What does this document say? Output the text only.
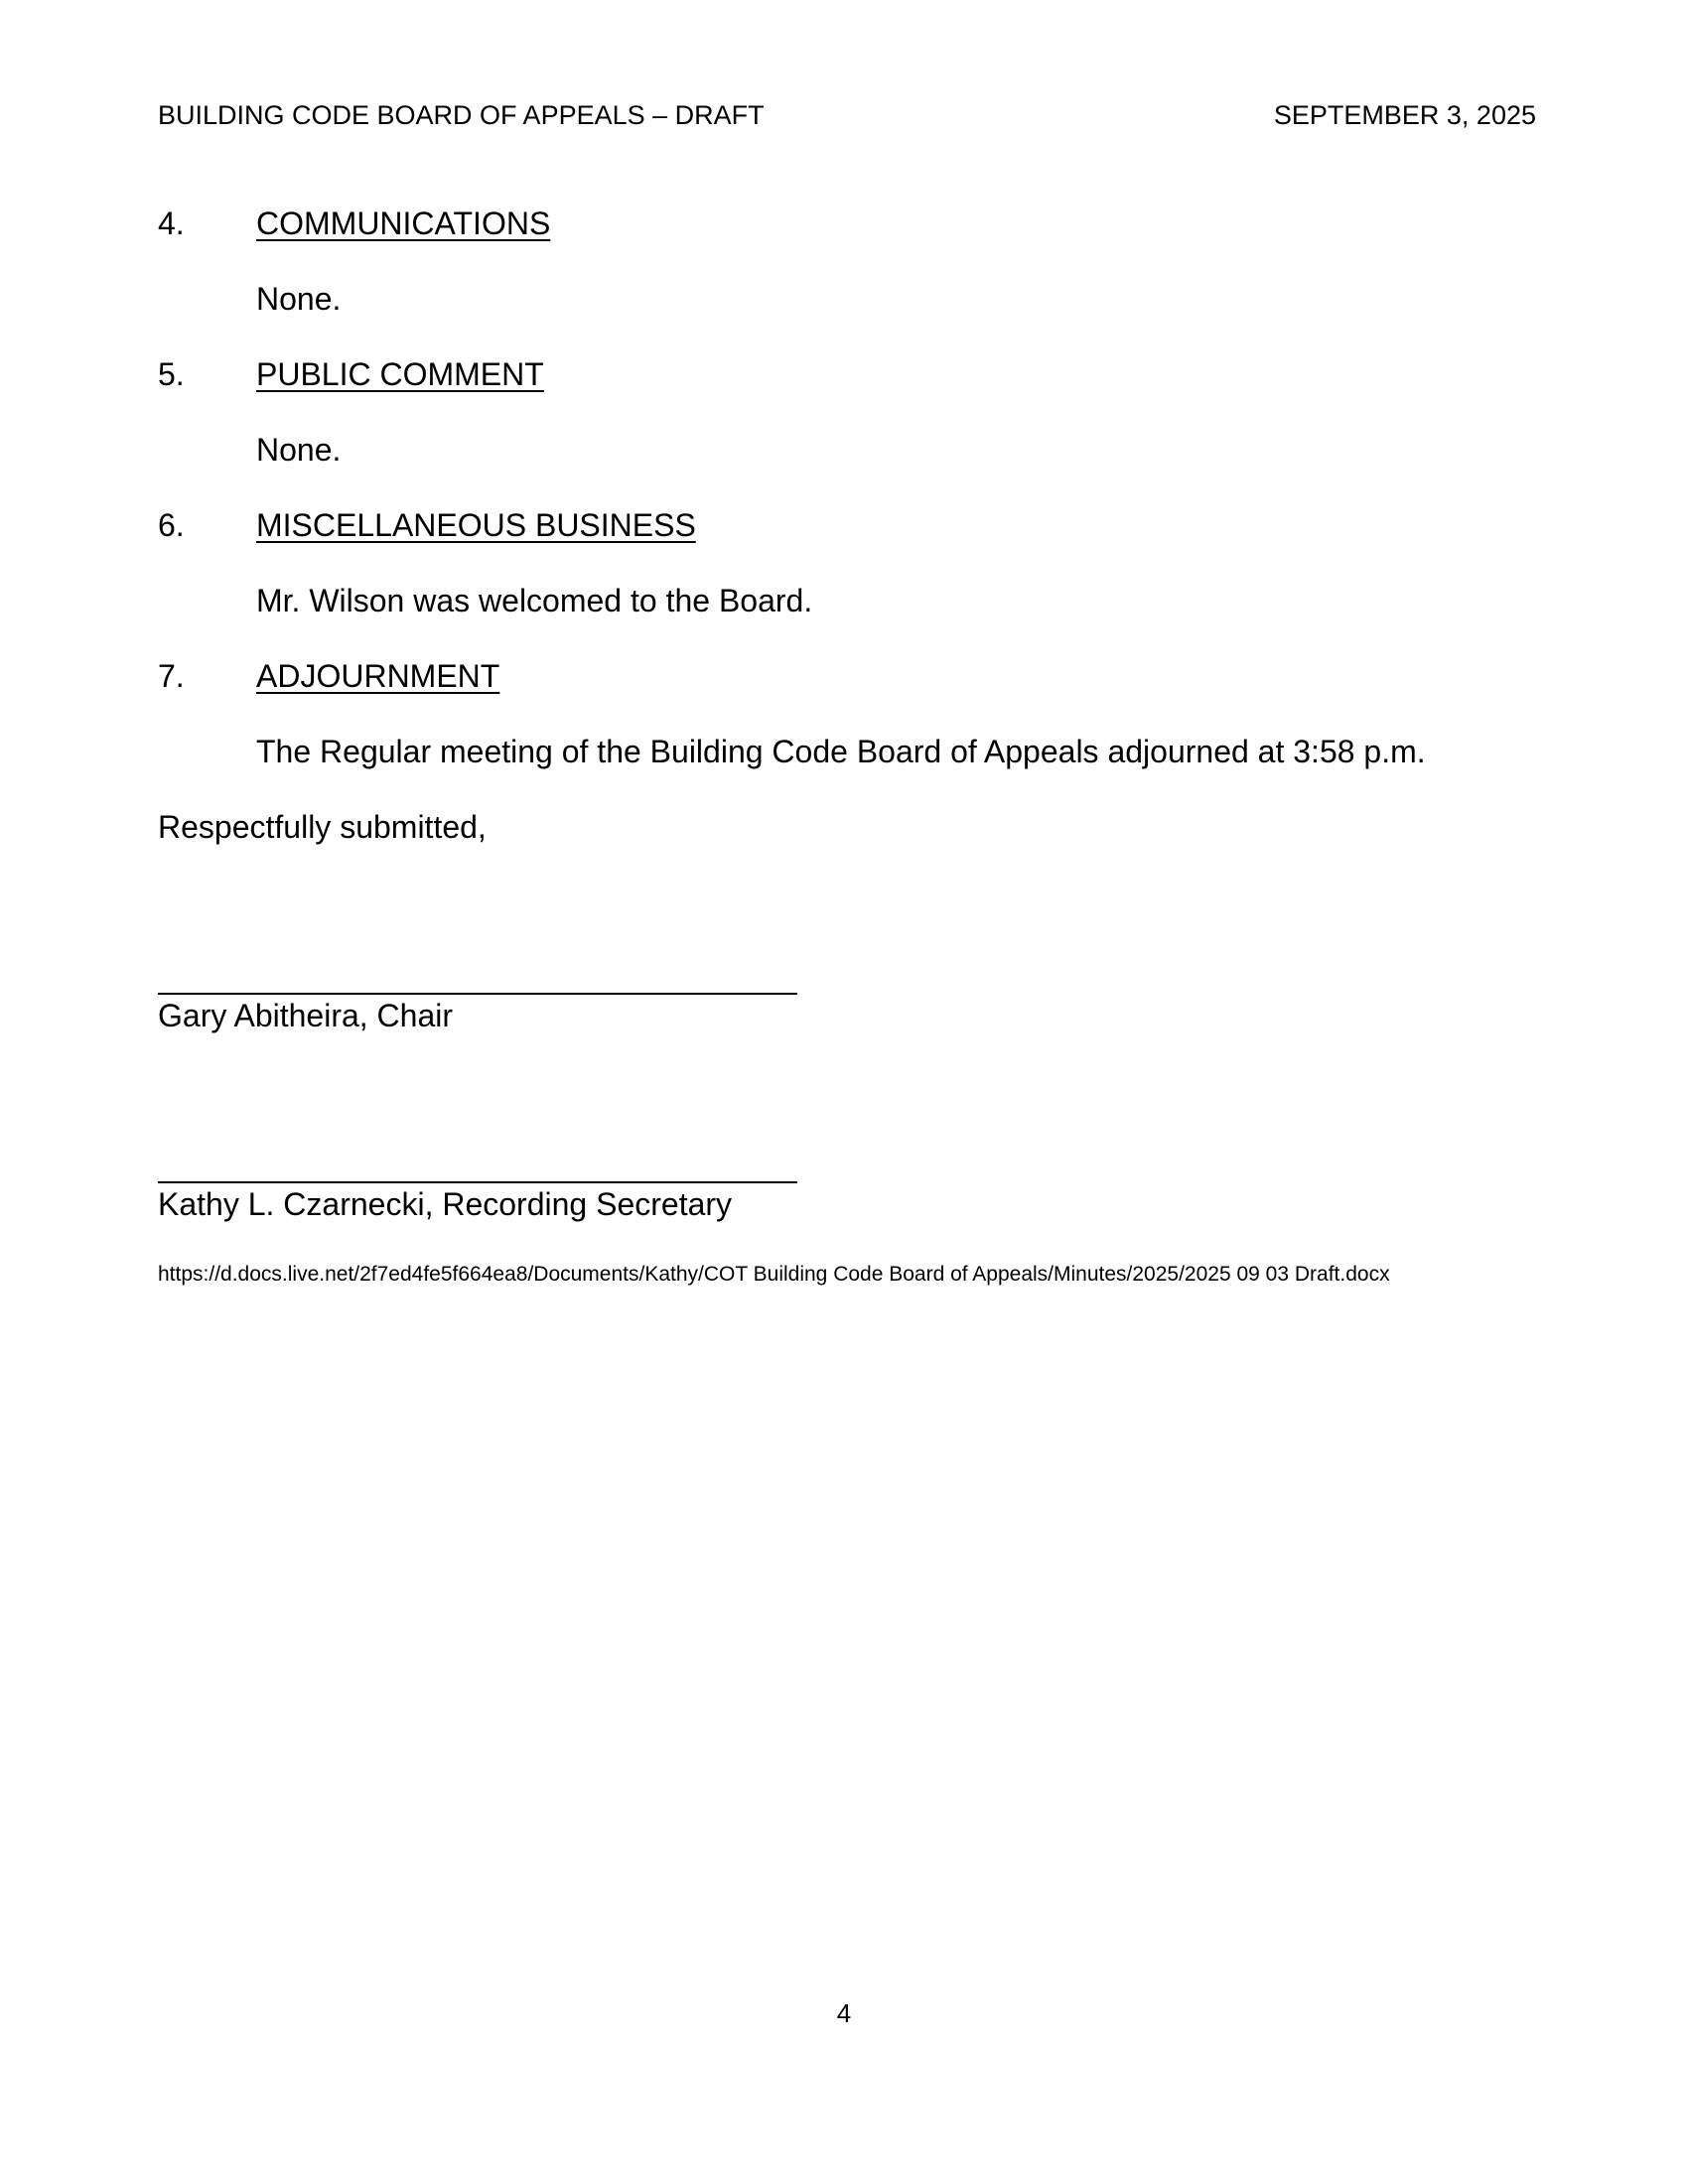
BUILDING CODE BOARD OF APPEALS – DRAFT	SEPTEMBER 3, 2025
4. COMMUNICATIONS
None.
5. PUBLIC COMMENT
None.
6. MISCELLANEOUS BUSINESS
Mr. Wilson was welcomed to the Board.
7. ADJOURNMENT
The Regular meeting of the Building Code Board of Appeals adjourned at 3:58 p.m.
Respectfully submitted,
Gary Abitheira, Chair
Kathy L. Czarnecki, Recording Secretary
https://d.docs.live.net/2f7ed4fe5f664ea8/Documents/Kathy/COT Building Code Board of Appeals/Minutes/2025/2025 09 03 Draft.docx
4
